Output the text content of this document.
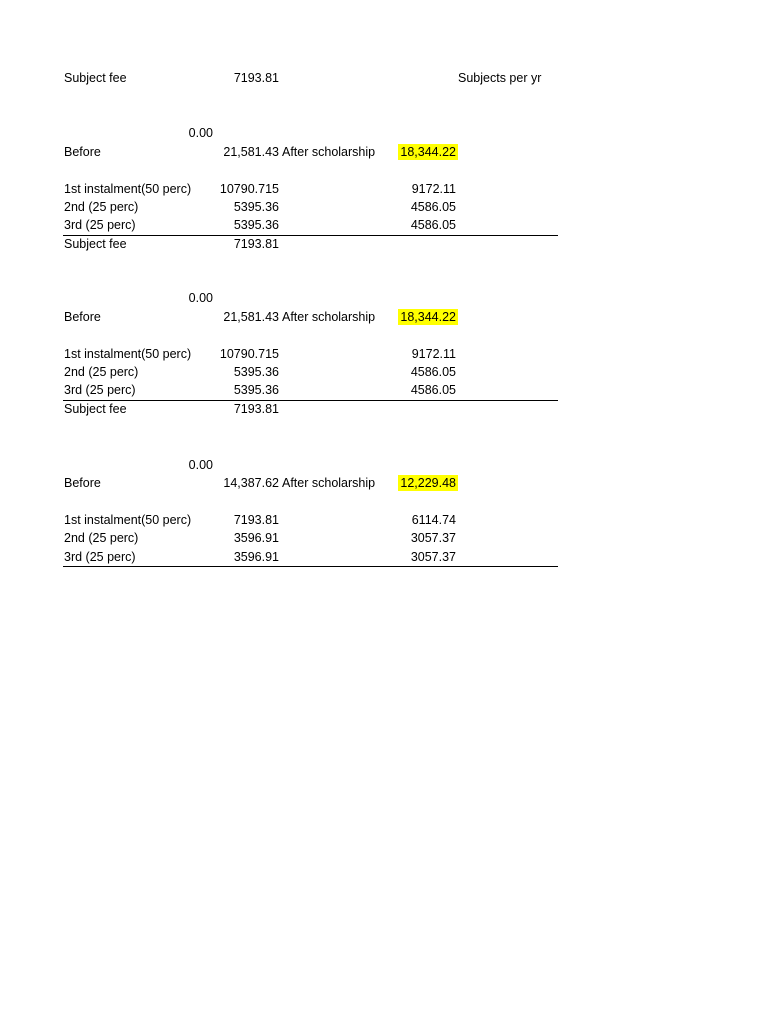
Subject fee	7193.81	Subjects per yr
0.00
Before	21,581.43 After scholarship 18,344.22
1st instalment(50 perc) 10790.715	9172.11
2nd (25 perc)	5395.36	4586.05
3rd (25 perc)	5395.36	4586.05
Subject fee	7193.81
0.00
Before	21,581.43 After scholarship 18,344.22
1st instalment(50 perc) 10790.715	9172.11
2nd (25 perc)	5395.36	4586.05
3rd (25 perc)	5395.36	4586.05
Subject fee	7193.81
0.00
Before	14,387.62 After scholarship 12,229.48
1st instalment(50 perc)	7193.81	6114.74
2nd (25 perc)	3596.91	3057.37
3rd (25 perc)	3596.91	3057.37
